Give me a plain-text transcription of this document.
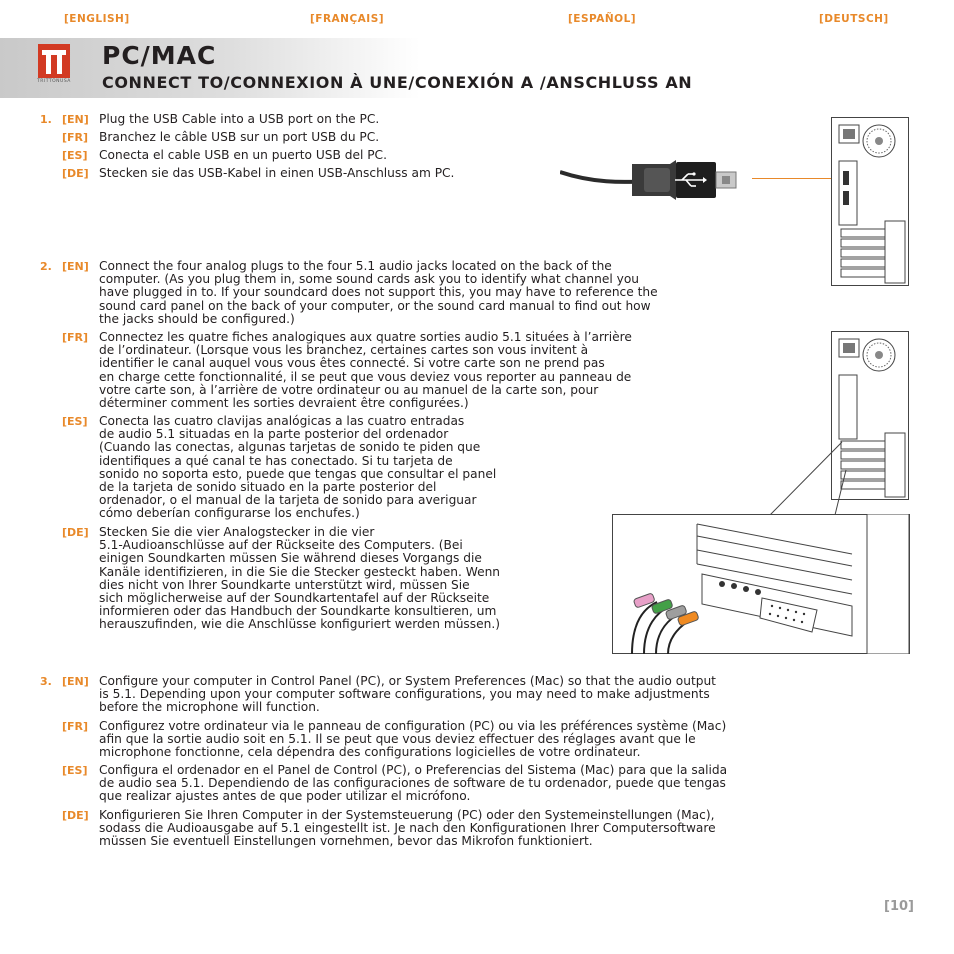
[ENGLISH]	[FRANÇAIS]	[ESPAÑOL]	[DEUTSCH]
TRITTONUSA
PC/MAC
CONNECT TO/CONNEXION À UNE/CONEXIÓN A /ANSCHLUSS AN
1. [EN] Plug the USB Cable into a USB port on the PC.
[FR] Branchez le câble USB sur un port USB du PC.
[ES] Conecta el cable USB en un puerto USB del PC.
[DE] Stecken sie das USB-Kabel in einen USB-Anschluss am PC.
2. [EN] Connect the four analog plugs to the four 5.1 audio jacks located on the back of the
computer. (As you plug them in, some sound cards ask you to identify what channel you
have plugged in to. If your soundcard does not support this, you may have to reference the
sound card panel on the back of your computer, or the sound card manual to find out how
the jacks should be configured.)
[FR] Connectez les quatre fiches analogiques aux quatre sorties audio 5.1 situées à l’arrière
de l’ordinateur. (Lorsque vous les branchez, certaines cartes son vous invitent à
identifier le canal auquel vous vous êtes connecté. Si votre carte son ne prend pas
en charge cette fonctionnalité, il se peut que vous deviez vous reporter au panneau de
votre carte son, à l’arrière de votre ordinateur ou au manuel de la carte son, pour
déterminer comment les sorties devraient être configurées.)
[ES] Conecta las cuatro clavijas analógicas a las cuatro entradas
de audio 5.1 situadas en la parte posterior del ordenador
(Cuando las conectas, algunas tarjetas de sonido te piden que
identifiques a qué canal te has conectado. Si tu tarjeta de
sonido no soporta esto, puede que tengas que consultar el panel
de la tarjeta de sonido situado en la parte posterior del
ordenador, o el manual de la tarjeta de sonido para averiguar
cómo deberían configurarse los enchufes.)
[DE] Stecken Sie die vier Analogstecker in die vier
5.1-Audioanschlüsse auf der Rückseite des Computers. (Bei
einigen Soundkarten müssen Sie während dieses Vorgangs die
Kanäle identifizieren, in die Sie die Stecker gesteckt haben. Wenn
dies nicht von Ihrer Soundkarte unterstützt wird, müssen Sie
sich möglicherweise auf der Soundkartentafel auf der Rückseite
informieren oder das Handbuch der Soundkarte konsultieren, um
herauszufinden, wie die Anschlüsse konfiguriert werden müssen.)
3. [EN] Configure your computer in Control Panel (PC), or System Preferences (Mac) so that the audio output
is 5.1. Depending upon your computer software configurations, you may need to make adjustments
before the microphone will function.
[FR] Configurez votre ordinateur via le panneau de configuration (PC) ou via les préférences système (Mac)
afin que la sortie audio soit en 5.1. Il se peut que vous deviez effectuer des réglages avant que le
microphone fonctionne, cela dépendra des configurations logicielles de votre ordinateur.
[ES] Configura el ordenador en el Panel de Control (PC), o Preferencias del Sistema (Mac) para que la salida
de audio sea 5.1. Dependiendo de las configuraciones de software de tu ordenador, puede que tengas
que realizar ajustes antes de que poder utilizar el micrófono.
[DE] Konfigurieren Sie Ihren Computer in der Systemsteuerung (PC) oder den Systemeinstellungen (Mac),
sodass die Audioausgabe auf 5.1 eingestellt ist. Je nach den Konfigurationen Ihrer Computersoftware
müssen Sie eventuell Einstellungen vornehmen, bevor das Mikrofon funktioniert.
[10]
